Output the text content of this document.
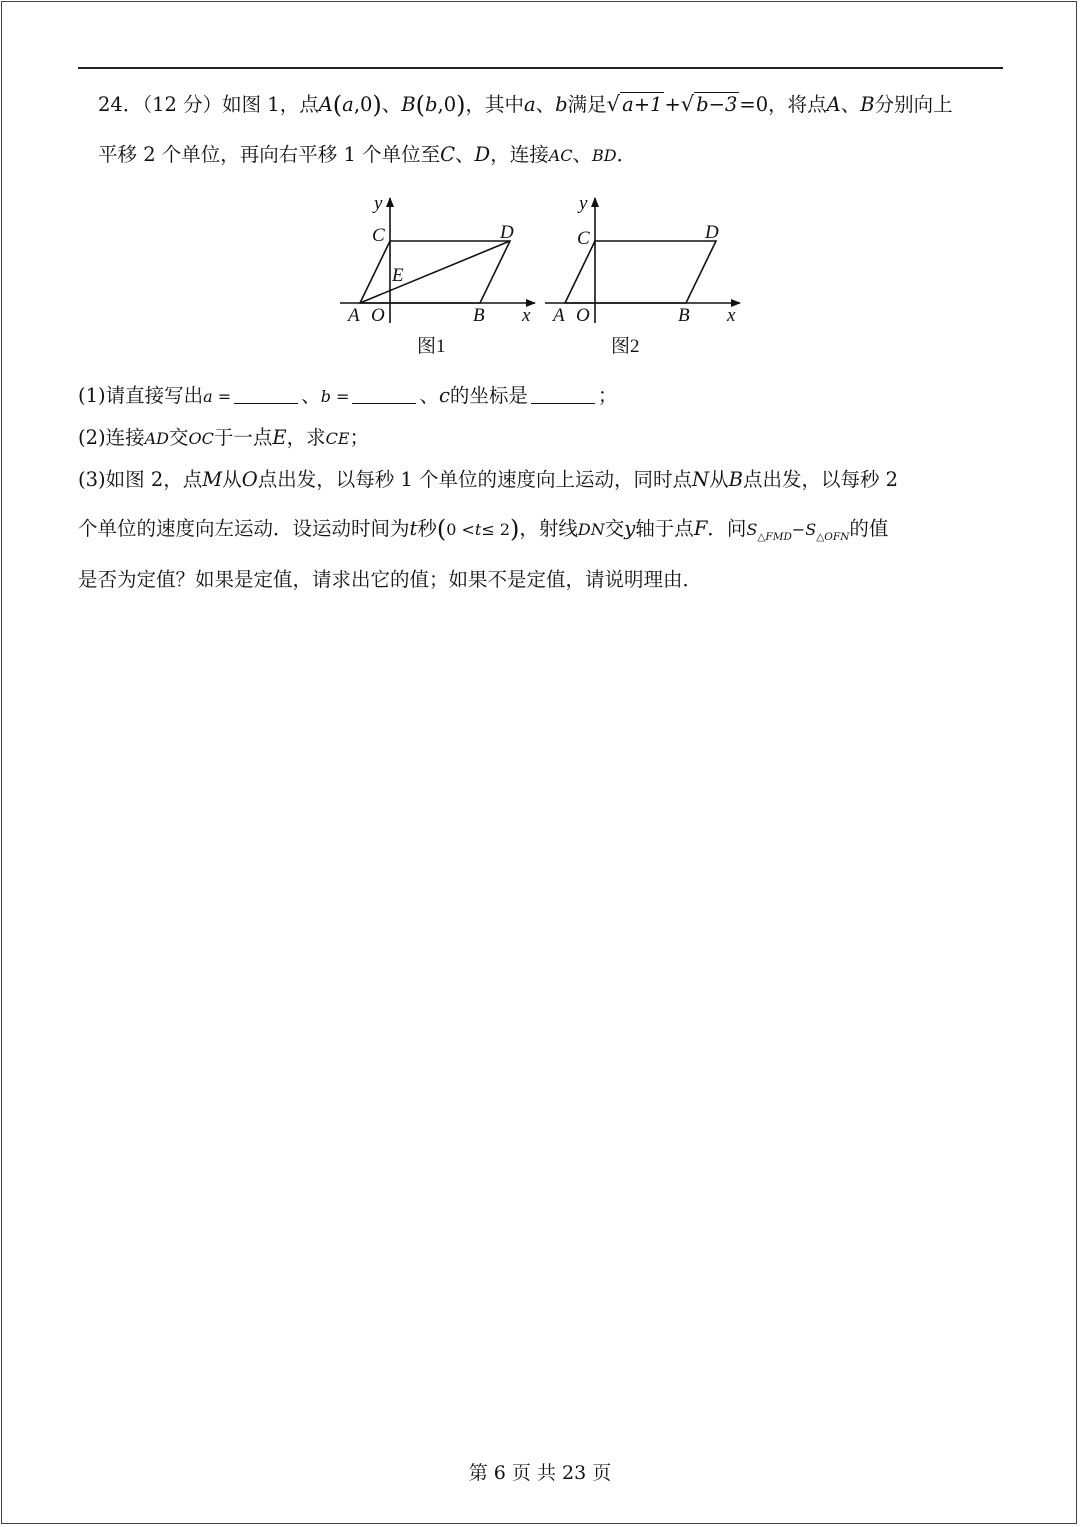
24．（12 分）如图 1，点A(a,0)、B(b,0)，其中a、b满足√ a+1 +√ b−3 =0，将点A、B分别向上
平移 2 个单位，再向右平移 1 个单位至C、D，连接AC、BD．
y
x
C	D
E
A O	B
图1
y
x
C	D
A O	B
图2
(1)请直接写出a =	、b =	、c的坐标是	；
(2)连接AD交OC于一点E，求CE；
(3)如图 2，点M从O点出发，以每秒 1 个单位的速度向上运动，同时点N从B点出发，以每秒 2
个单位的速度向左运动．设运动时间为t秒(0 <t≤ 2)，射线DN交y轴于点F．问$S_{\triangle FMD}-S_{\triangle OFN}$的值
是否为定值？如果是定值，请求出它的值；如果不是定值，请说明理由．
第 6 页 共 23 页
